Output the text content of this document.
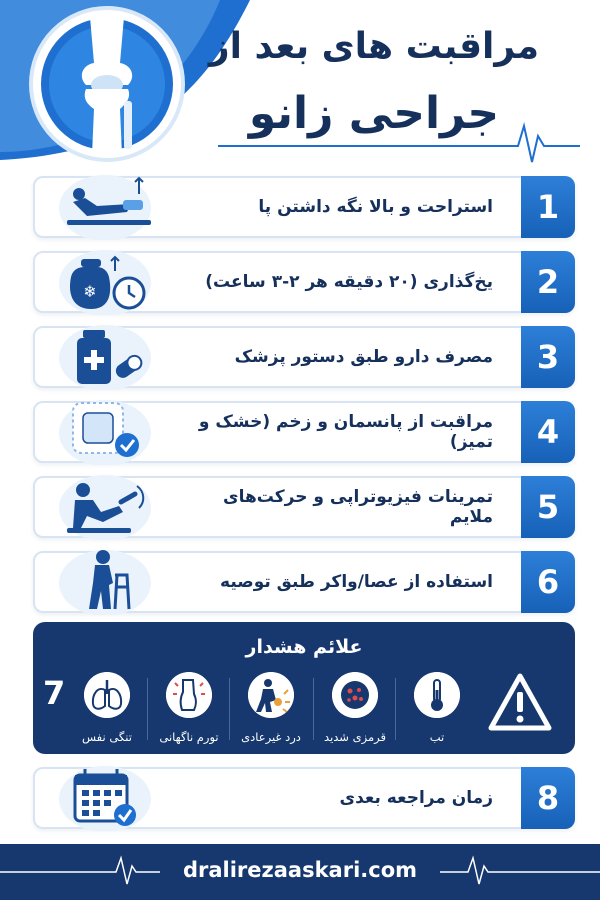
مراقبت های بعد از
جراحی زانو
استراحت و بالا نگه داشتن پا	1
❄	یخ‌گذاری (۲۰ دقیقه هر ۲-۳ ساعت)	2
مصرف دارو طبق دستور پزشک	3
مراقبت از پانسمان و زخم (خشک و تمیز)	4
تمرینات فیزیوتراپی و حرکت‌های ملایم	5
استفاده از عصا/واکر طبق توصیه	6
علائم هشدار
7
تب
قرمزی شدید
درد غیرعادی
تورم ناگهانی
تنگی نفس
زمان مراجعه بعدی	8
dralirezaaskari.com
